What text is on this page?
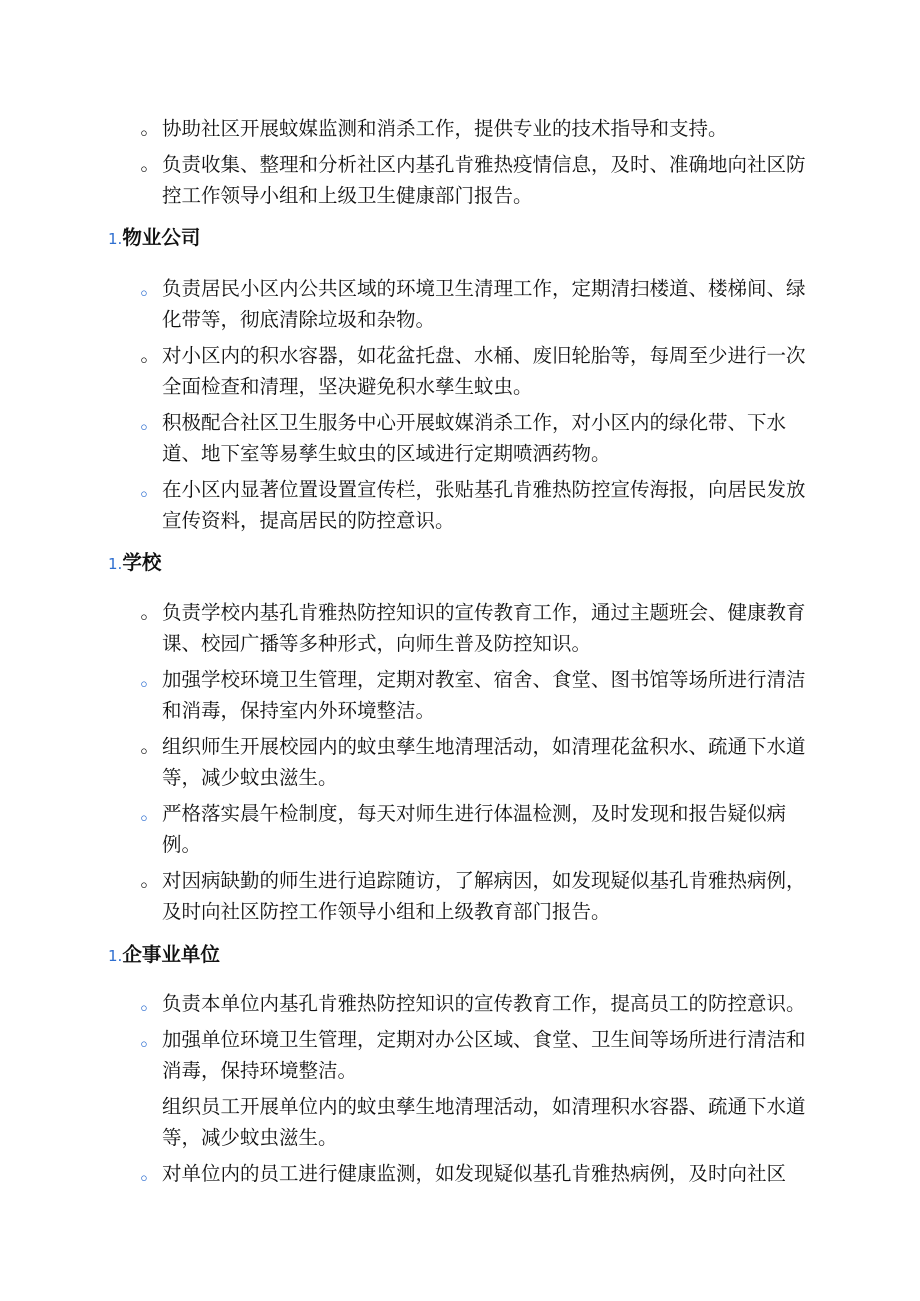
。 协助社区开展蚊媒监测和消杀工作，提供专业的技术指导和支持。
。 负责收集、整理和分析社区内基孔肯雅热疫情信息，及时、准确地向社区防控工作领导小组和上级卫生健康部门报告。
1.物业公司
。 负责居民小区内公共区域的环境卫生清理工作，定期清扫楼道、楼梯间、绿化带等，彻底清除垃圾和杂物。
。 对小区内的积水容器，如花盆托盘、水桶、废旧轮胎等，每周至少进行一次全面检查和清理，坚决避免积水孳生蚊虫。
。 积极配合社区卫生服务中心开展蚊媒消杀工作，对小区内的绿化带、下水道、地下室等易孳生蚊虫的区域进行定期喷洒药物。
。 在小区内显著位置设置宣传栏，张贴基孔肯雅热防控宣传海报，向居民发放宣传资料，提高居民的防控意识。
1.学校
。 负责学校内基孔肯雅热防控知识的宣传教育工作，通过主题班会、健康教育课、校园广播等多种形式，向师生普及防控知识。
。 加强学校环境卫生管理，定期对教室、宿舍、食堂、图书馆等场所进行清洁和消毒，保持室内外环境整洁。
。 组织师生开展校园内的蚊虫孳生地清理活动，如清理花盆积水、疏通下水道等，减少蚊虫滋生。
。 严格落实晨午检制度，每天对师生进行体温检测，及时发现和报告疑似病例。
。 对因病缺勤的师生进行追踪随访，了解病因，如发现疑似基孔肯雅热病例，及时向社区防控工作领导小组和上级教育部门报告。
1.企事业单位
。 负责本单位内基孔肯雅热防控知识的宣传教育工作，提高员工的防控意识。
。 加强单位环境卫生管理，定期对办公区域、食堂、卫生间等场所进行清洁和消毒，保持环境整洁。
组织员工开展单位内的蚊虫孳生地清理活动，如清理积水容器、疏通下水道等，减少蚊虫滋生。
。 对单位内的员工进行健康监测，如发现疑似基孔肯雅热病例，及时向社区
